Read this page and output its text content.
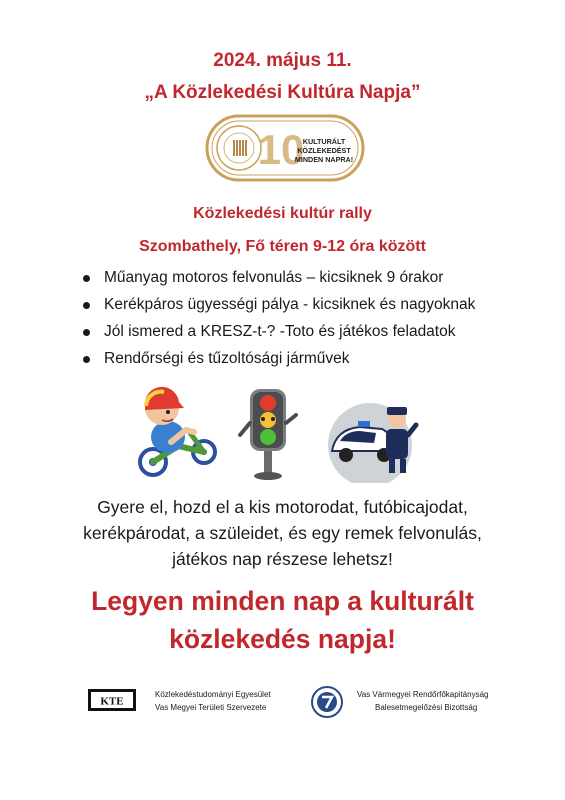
2024. május 11.
„A Közlekedési Kultúra Napja”
10
KULTURÁLT
KÖZLEKEDÉST
MINDEN NAPRA!
Közlekedési kultúr rally
Szombathely, Fő téren 9-12 óra között
Műanyag motoros felvonulás – kicsiknek 9 órakor
Kerékpáros ügyességi pálya - kicsiknek és nagyoknak
Jól ismered a KRESZ-t-? -Toto és játékos feladatok
Rendőrségi és tűzoltósági járművek
Gyere el, hozd el a kis motorodat, futóbicajodat,
kerékpárodat, a szüleidet, és egy remek felvonulás,
játékos nap részese lehetsz!
Legyen minden nap a kulturált
közlekedés napja!
KTE
Közlekedéstudományi Egyesület
Vas Megyei Területi Szervezete
Vas Vármegyei Rendőrfőkapitányság
Balesetmegelőzési Bizottság
